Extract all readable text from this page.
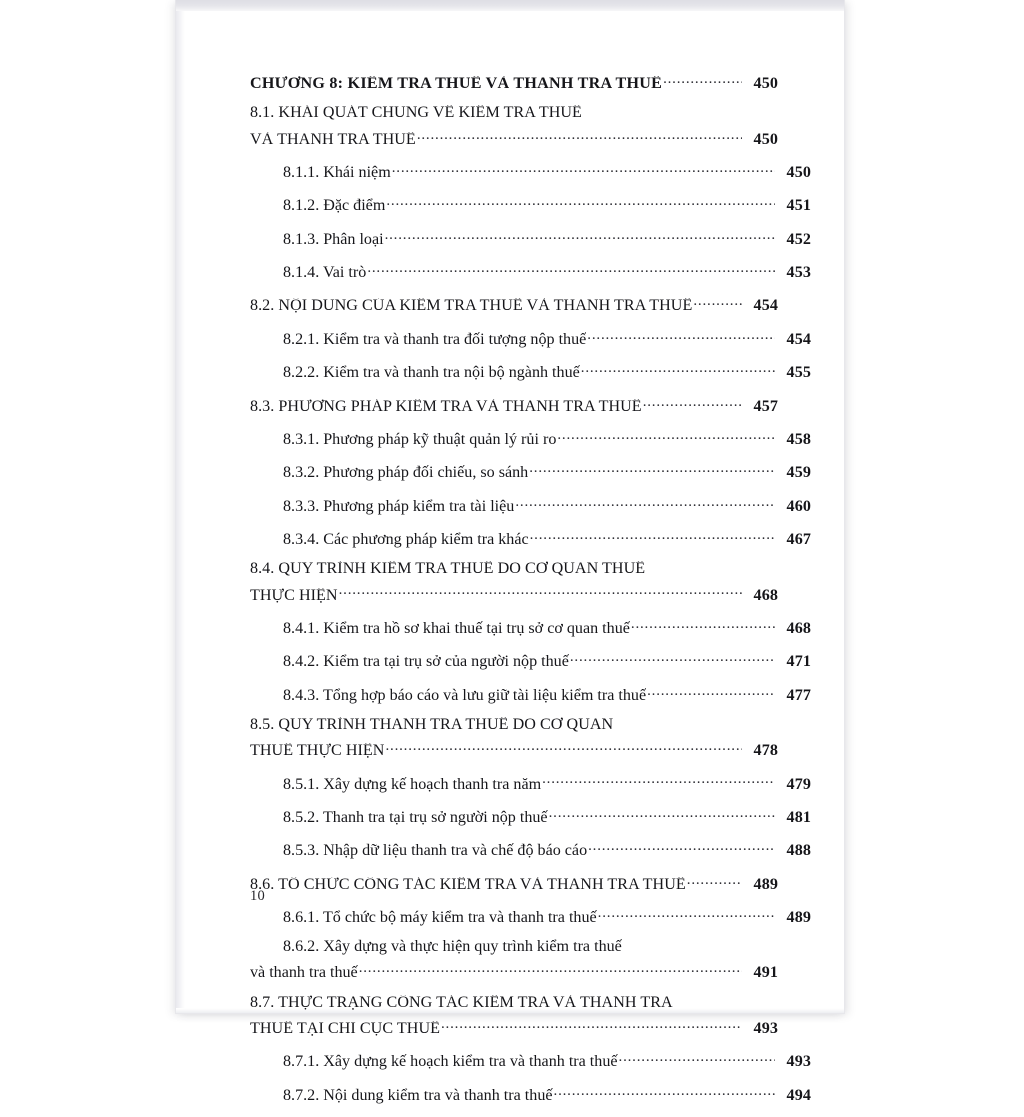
CHƯƠNG 8: KIỂM TRA THUẾ VÀ THANH TRA THUẾ .....	450
8.1. KHÁI QUÁT CHUNG VỀ KIỂM TRA THUẾ
VÀ THANH TRA THUẾ .....	450
8.1.1. Khái niệm .....	450
8.1.2. Đặc điểm .....	451
8.1.3. Phân loại .....	452
8.1.4. Vai trò .....	453
8.2. NỘI DUNG CỦA KIỂM TRA THUẾ VÀ THANH TRA THUẾ .....	454
8.2.1. Kiểm tra và thanh tra đối tượng nộp thuế .....	454
8.2.2. Kiểm tra và thanh tra nội bộ ngành thuế .....	455
8.3. PHƯƠNG PHÁP KIỂM TRA VÀ THANH TRA THUẾ .....	457
8.3.1. Phương pháp kỹ thuật quản lý rủi ro .....	458
8.3.2. Phương pháp đối chiếu, so sánh .....	459
8.3.3. Phương pháp kiểm tra tài liệu .....	460
8.3.4. Các phương pháp kiểm tra khác .....	467
8.4. QUY TRÌNH KIỂM TRA THUẾ DO CƠ QUAN THUẾ
THỰC HIỆN .....	468
8.4.1. Kiểm tra hồ sơ khai thuế tại trụ sở cơ quan thuế .....	468
8.4.2. Kiểm tra tại trụ sở của người nộp thuế .....	471
8.4.3. Tổng hợp báo cáo và lưu giữ tài liệu kiểm tra thuế .....	477
8.5. QUY TRÌNH THANH TRA THUẾ DO CƠ QUAN
THUẾ THỰC HIỆN .....	478
8.5.1. Xây dựng kế hoạch thanh tra năm .....	479
8.5.2. Thanh tra tại trụ sở người nộp thuế .....	481
8.5.3. Nhập dữ liệu thanh tra và chế độ báo cáo .....	488
8.6. TỔ CHỨC CÔNG TÁC KIỂM TRA VÀ THANH TRA THUẾ .....	489
8.6.1. Tổ chức bộ máy kiểm tra và thanh tra thuế .....	489
8.6.2. Xây dựng và thực hiện quy trình kiểm tra thuế
và thanh tra thuế .....	491
8.7. THỰC TRẠNG CÔNG TÁC KIỂM TRA VÀ THANH TRA
THUẾ TẠI CHI CỤC THUẾ .....	493
8.7.1. Xây dựng kế hoạch kiểm tra và thanh tra thuế .....	493
8.7.2. Nội dung kiểm tra và thanh tra thuế .....	494
10
